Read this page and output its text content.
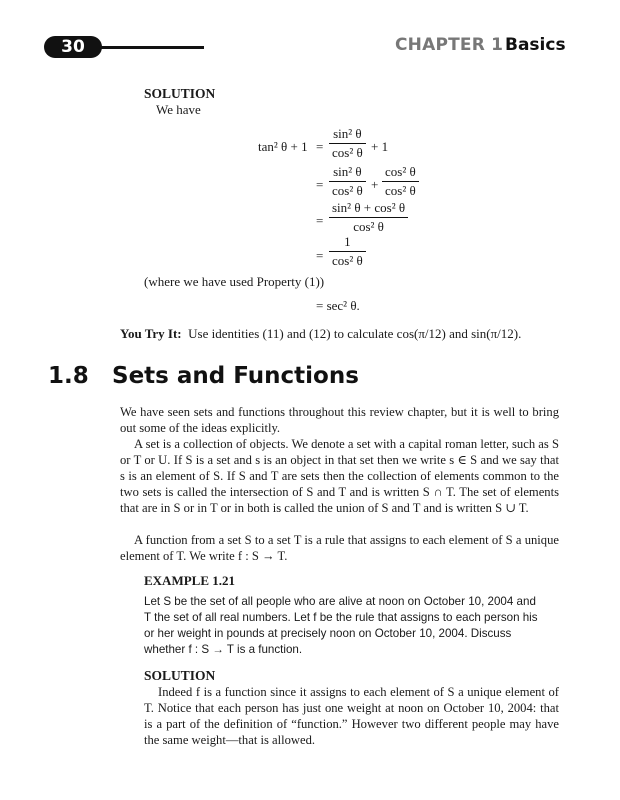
30	CHAPTER 1 Basics
SOLUTION
We have
tan² $\theta + 1 = \frac{\text{sin² θ}}{\text{cos² θ}} + 1$
= $\frac{\text{sin² θ}}{\text{cos² θ}} + \frac{\text{cos² θ}}{\text{cos² θ}}$
= $\frac{\text{sin² θ + cos² θ}}{\text{cos² θ}}$
= $\frac{1}{\text{cos² θ}}$
(where we have used Property (1))
= sec² θ.
You Try It: Use identities (11) and (12) to calculate cos(π/12) and sin(π/12).
1.8 Sets and Functions
We have seen sets and functions throughout this review chapter, but it is well to bring out some of the ideas explicitly.
A set is a collection of objects. We denote a set with a capital roman letter, such as S or T or U. If S is a set and s is an object in that set then we write s ∈ S and we say that s is an element of S. If S and T are sets then the collection of elements common to the two sets is called the intersection of S and T and is written S ∩ T. The set of elements that are in S or in T or in both is called the union of S and T and is written S ∪ T.
A function from a set S to a set T is a rule that assigns to each element of S a unique element of T. We write f : S → T.
EXAMPLE 1.21
Let S be the set of all people who are alive at noon on October 10, 2004 and T the set of all real numbers. Let f be the rule that assigns to each person his or her weight in pounds at precisely noon on October 10, 2004. Discuss whether f : S → T is a function.
SOLUTION
Indeed f is a function since it assigns to each element of S a unique element of T. Notice that each person has just one weight at noon on October 10, 2004: that is a part of the definition of “function.” However two different people may have the same weight—that is allowed.
